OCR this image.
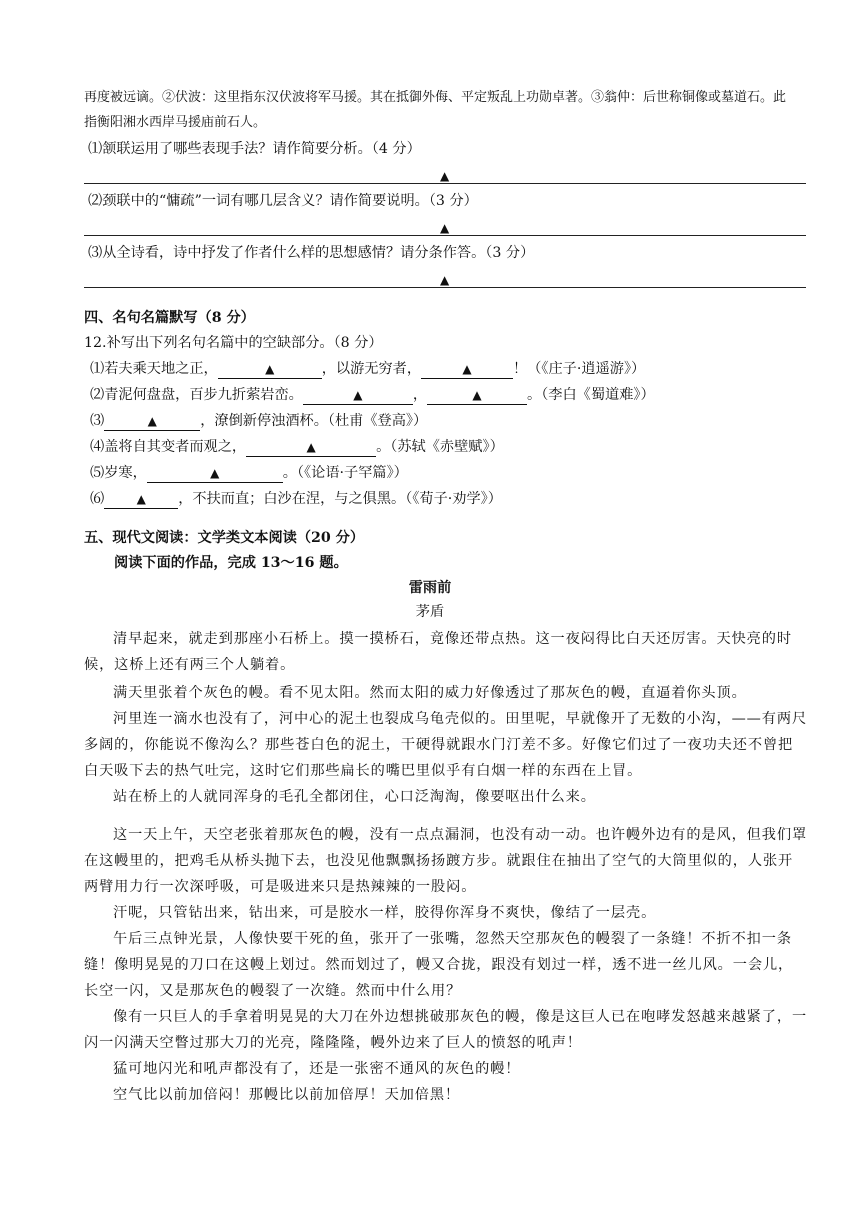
再度被远谪。②伏波：这里指东汉伏波将军马援。其在抵御外侮、平定叛乱上功勋卓著。③翁仲：后世称铜像或墓道石。此
指衡阳湘水西岸马援庙前石人。
⑴颔联运用了哪些表现手法？请作简要分析。（4 分）
▲
⑵颈联中的“慵疏”一词有哪几层含义？请作简要说明。（3 分）
▲
⑶从全诗看，诗中抒发了作者什么样的思想感情？请分条作答。（3 分）
▲
四、名句名篇默写（8 分）
12.补写出下列名句名篇中的空缺部分。（8 分）
⑴若夫乘天地之正，	▲	，以游无穷者，	▲	！（《庄子·逍遥游》）
⑵青泥何盘盘，百步九折萦岩峦。	▲	，	▲	。（李白《蜀道难》）
⑶	▲	，潦倒新停浊酒杯。（杜甫《登高》）
⑷盖将自其变者而观之，	▲	。（苏轼《赤壁赋》）
⑸岁寒，	▲	。（《论语·子罕篇》）
⑹	▲ ，不扶而直；白沙在涅，与之俱黑。（《荀子·劝学》）
五、现代文阅读：文学类文本阅读（20 分）
阅读下面的作品，完成 13～16 题。
雷雨前
茅盾
清早起来，就走到那座小石桥上。摸一摸桥石，竟像还带点热。这一夜闷得比白天还厉害。天快亮的时候，这桥上还有两三个人躺着。
满天里张着个灰色的幔。看不见太阳。然而太阳的威力好像透过了那灰色的幔，直逼着你头顶。
河里连一滴水也没有了，河中心的泥土也裂成乌龟壳似的。田里呢，早就像开了无数的小沟，——有两尺多阔的，你能说不像沟么？那些苍白色的泥土，干硬得就跟水门汀差不多。好像它们过了一夜功夫还不曾把白天吸下去的热气吐完，这时它们那些扁长的嘴巴里似乎有白烟一样的东西在上冒。
站在桥上的人就同浑身的毛孔全都闭住，心口泛淘淘，像要呕出什么来。
这一天上午，天空老张着那灰色的幔，没有一点点漏洞，也没有动一动。也许幔外边有的是风，但我们罩在这幔里的，把鸡毛从桥头抛下去，也没见他飘飘扬扬踱方步。就跟住在抽出了空气的大筒里似的，人张开两臂用力行一次深呼吸，可是吸进来只是热辣辣的一股闷。
汗呢，只管钻出来，钻出来，可是胶水一样，胶得你浑身不爽快，像结了一层壳。
午后三点钟光景，人像快要干死的鱼，张开了一张嘴，忽然天空那灰色的幔裂了一条缝！不折不扣一条缝！像明晃晃的刀口在这幔上划过。然而划过了，幔又合拢，跟没有划过一样，透不进一丝儿风。一会儿，长空一闪，又是那灰色的幔裂了一次缝。然而中什么用？
像有一只巨人的手拿着明晃晃的大刀在外边想挑破那灰色的幔，像是这巨人已在咆哮发怒越来越紧了，一闪一闪满天空瞥过那大刀的光亮，隆隆隆，幔外边来了巨人的愤怒的吼声！
猛可地闪光和吼声都没有了，还是一张密不通风的灰色的幔！
空气比以前加倍闷！那幔比以前加倍厚！天加倍黑！
